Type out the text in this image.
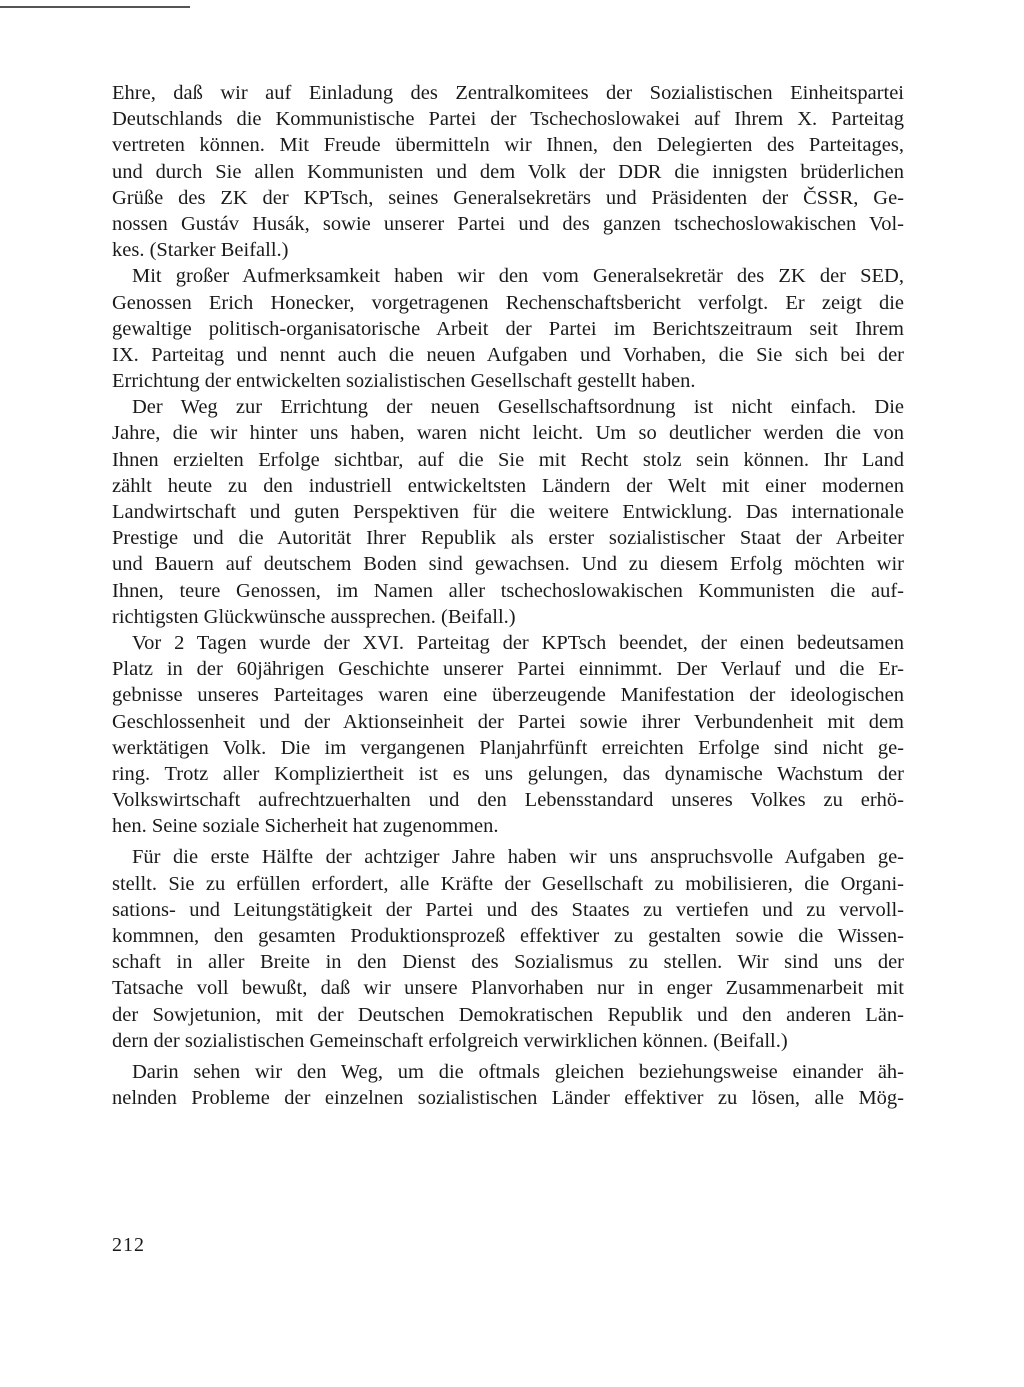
Ehre, daß wir auf Einladung des Zentralkomitees der Sozialistischen Einheitspartei
Deutschlands die Kommunistische Partei der Tschechoslowakei auf Ihrem X. Parteitag
vertreten können. Mit Freude übermitteln wir Ihnen, den Delegierten des Parteitages,
und durch Sie allen Kommunisten und dem Volk der DDR die innigsten brüderlichen
Grüße des ZK der KPTsch, seines Generalsekretärs und Präsidenten der ČSSR, Ge-
nossen Gustáv Husák, sowie unserer Partei und des ganzen tschechoslowakischen Vol-
kes. (Starker Beifall.)
Mit großer Aufmerksamkeit haben wir den vom Generalsekretär des ZK der SED,
Genossen Erich Honecker, vorgetragenen Rechenschaftsbericht verfolgt. Er zeigt die
gewaltige politisch-organisatorische Arbeit der Partei im Berichtszeitraum seit Ihrem
IX. Parteitag und nennt auch die neuen Aufgaben und Vorhaben, die Sie sich bei der
Errichtung der entwickelten sozialistischen Gesellschaft gestellt haben.
Der Weg zur Errichtung der neuen Gesellschaftsordnung ist nicht einfach. Die
Jahre, die wir hinter uns haben, waren nicht leicht. Um so deutlicher werden die von
Ihnen erzielten Erfolge sichtbar, auf die Sie mit Recht stolz sein können. Ihr Land
zählt heute zu den industriell entwickeltsten Ländern der Welt mit einer modernen
Landwirtschaft und guten Perspektiven für die weitere Entwicklung. Das internationale
Prestige und die Autorität Ihrer Republik als erster sozialistischer Staat der Arbeiter
und Bauern auf deutschem Boden sind gewachsen. Und zu diesem Erfolg möchten wir
Ihnen, teure Genossen, im Namen aller tschechoslowakischen Kommunisten die auf-
richtigsten Glückwünsche aussprechen. (Beifall.)
Vor 2 Tagen wurde der XVI. Parteitag der KPTsch beendet, der einen bedeutsamen
Platz in der 60jährigen Geschichte unserer Partei einnimmt. Der Verlauf und die Er-
gebnisse unseres Parteitages waren eine überzeugende Manifestation der ideologischen
Geschlossenheit und der Aktionseinheit der Partei sowie ihrer Verbundenheit mit dem
werktätigen Volk. Die im vergangenen Planjahrfünft erreichten Erfolge sind nicht ge-
ring. Trotz aller Kompliziertheit ist es uns gelungen, das dynamische Wachstum der
Volkswirtschaft aufrechtzuerhalten und den Lebensstandard unseres Volkes zu erhö-
hen. Seine soziale Sicherheit hat zugenommen.
Für die erste Hälfte der achtziger Jahre haben wir uns anspruchsvolle Aufgaben ge-
stellt. Sie zu erfüllen erfordert, alle Kräfte der Gesellschaft zu mobilisieren, die Organi-
sations- und Leitungstätigkeit der Partei und des Staates zu vertiefen und zu vervoll-
kommnen, den gesamten Produktionsprozeß effektiver zu gestalten sowie die Wissen-
schaft in aller Breite in den Dienst des Sozialismus zu stellen. Wir sind uns der
Tatsache voll bewußt, daß wir unsere Planvorhaben nur in enger Zusammenarbeit mit
der Sowjetunion, mit der Deutschen Demokratischen Republik und den anderen Län-
dern der sozialistischen Gemeinschaft erfolgreich verwirklichen können. (Beifall.)
Darin sehen wir den Weg, um die oftmals gleichen beziehungsweise einander äh-
nelnden Probleme der einzelnen sozialistischen Länder effektiver zu lösen, alle Mög-
212
